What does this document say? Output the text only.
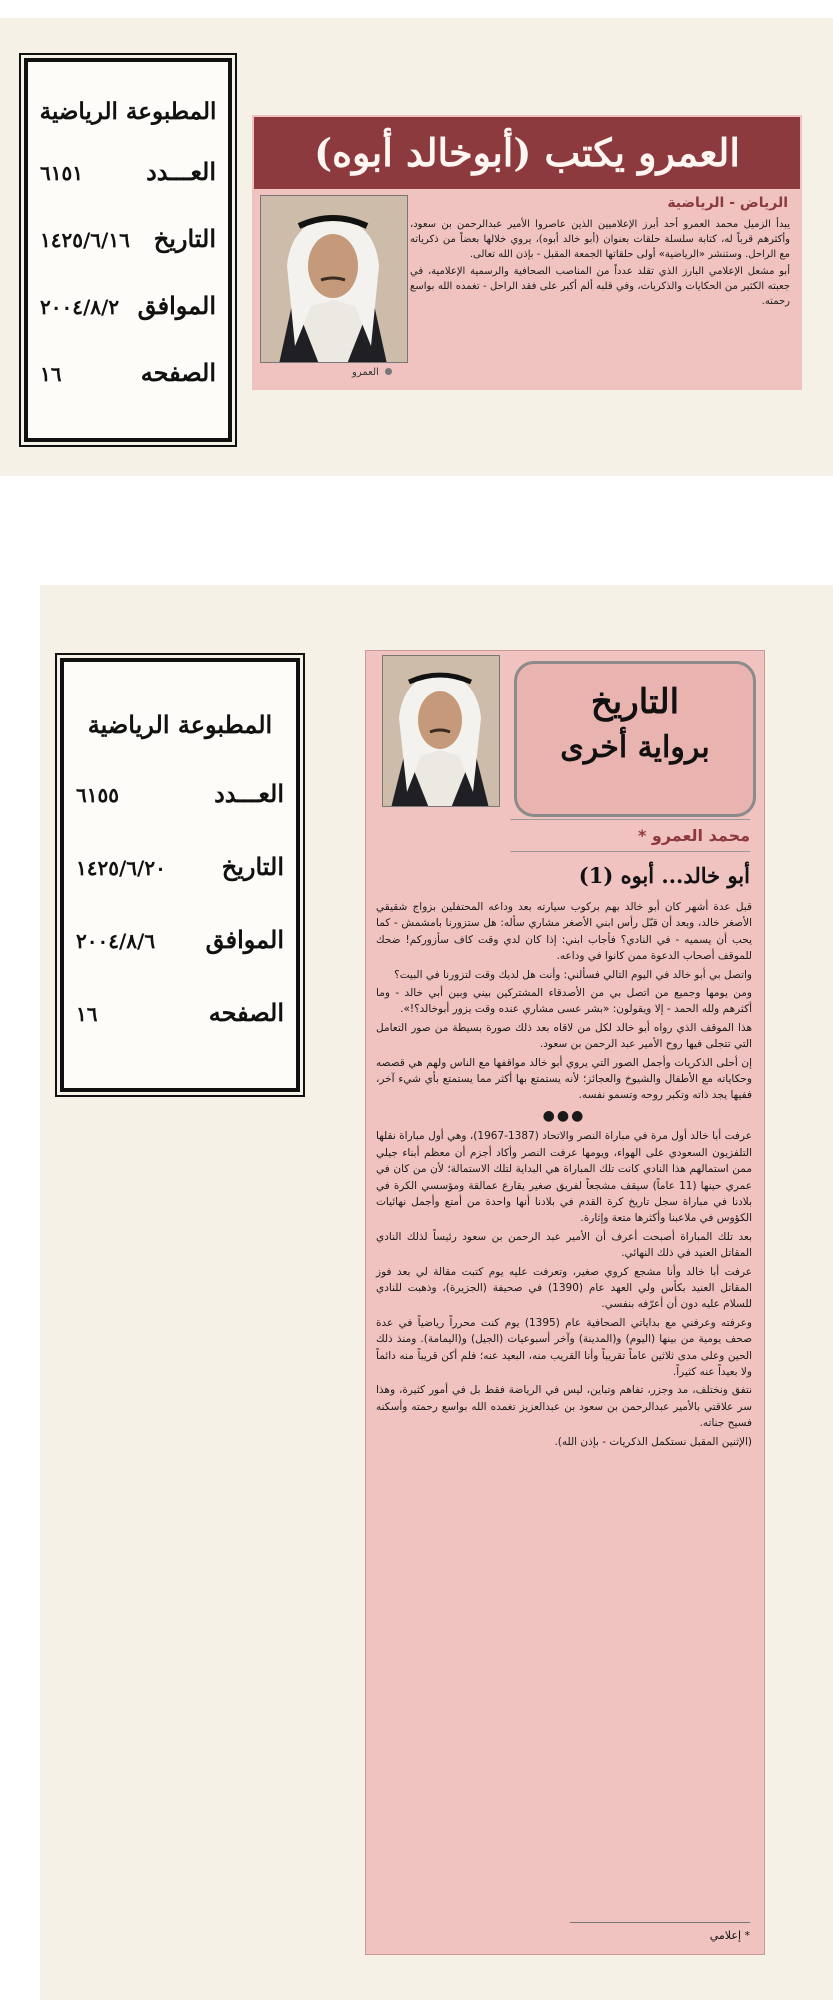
المطبوعة الرياضية
العـــدد
٦١٥١
التاريخ
١٤٢٥/٦/١٦
الموافق
٢٠٠٤/٨/٢
الصفحه
١٦
العمرو يكتب (أبوخالد أبوه)
الرياض - الرياضية

يبدأ الزميل محمد العمرو أحد أبرز الإعلاميين الذين عاصروا الأمير عبدالرحمن بن سعود، وأكثرهم قرباً له، كتابة سلسلة حلقات بعنوان (أبو خالد أبوه)، يروي خلالها بعضاً من ذكرياته مع الراحل. وستنشر «الرياضية» أولى حلقاتها الجمعة المقبل - بإذن الله تعالى.

أبو مشعل الإعلامي البارز الذي تقلد عدداً من المناصب الصحافية والرسمية الإعلامية، في جعبته الكثير من الحكايات والذكريات، وفي قلبه ألم أكبر على فقد الراحل - تغمده الله بواسع رحمته.

العمرو
المطبوعة الرياضية
العـــدد
٦١٥٥
التاريخ
١٤٢٥/٦/٢٠
الموافق
٢٠٠٤/٨/٦
الصفحه
١٦
التاريخ
برواية أخرى
محمد العمرو *
أبو خالد... أبوه (1)

قبل عدة أشهر كان أبو خالد بهم بركوب سيارته بعد وداعه المحتفلين بزواج شقيقي الأصغر خالد، وبعد أن قبّل رأس ابني الأصغر مشاري سأله: هل ستزورنا بامشمش - كما يحب أن يسميه - في النادي؟ فأجاب ابني: إذا كان لدي وقت كاف سأزوركم! ضحك للموقف أصحاب الدعوة ممن كانوا في وداعه.

واتصل بي أبو خالد في اليوم التالي فسألني: وأنت هل لديك وقت لتزورنا في البيت؟

ومن يومها وجميع من اتصل بي من الأصدقاء المشتركين بيني وبين أبي خالد - وما أكثرهم ولله الحمد - إلا ويقولون: «بشر عسى مشاري عنده وقت يزور أبوخالد؟!».

هذا الموقف الذي رواه أبو خالد لكل من لاقاه بعد ذلك صورة بسيطة من صور التعامل التي تتجلى فيها روح الأمير عبد الرحمن بن سعود.

إن أحلى الذكريات وأجمل الصور التي يروي أبو خالد مواقفها مع الناس ولهم هي قصصه وحكاياته مع الأطفال والشيوخ والعجائز؛ لأنه يستمتع بها أكثر مما يستمتع بأي شيء آخر، ففيها يجد ذاته وتكبر روحه وتسمو نفسه.

●●●

عرفت أبا خالد أول مرة في مباراة النصر والاتحاد (1387-1967)، وهي أول مباراة نقلها التلفزيون السعودي على الهواء، ويومها عرفت النصر وأكاد أجزم أن معظم أبناء جيلي ممن استمالهم هذا النادي كانت تلك المباراة هي البداية لتلك الاستمالة؛ لأن من كان في عمري حينها (11 عاماً) سيقف مشجعاً لفريق صغير يقارع عمالقة ومؤسسي الكرة في بلادنا في مباراة سجل تاريخ كرة القدم في بلادنا أنها واحدة من أمتع وأجمل نهائيات الكؤوس في ملاعبنا وأكثرها متعة وإثارة.

بعد تلك المباراة أصبحت أعرف أن الأمير عبد الرحمن بن سعود رئيساً لذلك النادي المقاتل العنيد في ذلك النهائي.

عرفت أبا خالد وأنا مشجع كروي صغير، وتعرفت عليه يوم كتبت مقالة لي بعد فوز المقاتل العنيد بكأس ولي العهد عام (1390) في صحيفة (الجزيرة)، وذهبت للنادي للسلام عليه دون أن أعرّفه بنفسي.

وعرفته وعرفني مع بداياتي الصحافية عام (1395) يوم كنت محرراً رياضياً في عدة صحف يومية من بينها (اليوم) و(المدينة) وآخر أسبوعيات (الجيل) و(اليمامة). ومنذ ذلك الحين وعلى مدى ثلاثين عاماً تقريباً وأنا القريب منه، البعيد عنه؛ فلم أكن قريباً منه دائماً ولا بعيداً عنه كثيراً.

نتفق ونختلف، مد وجزر، تفاهم وتباين، ليس في الرياضة فقط بل في أمور كثيرة، وهذا سر علاقتي بالأمير عبدالرحمن بن سعود بن عبدالعزيز تغمده الله بواسع رحمته وأسكنه فسيح جناته.

(الإثنين المقبل نستكمل الذكريات - بإذن الله).

* إعلامي
